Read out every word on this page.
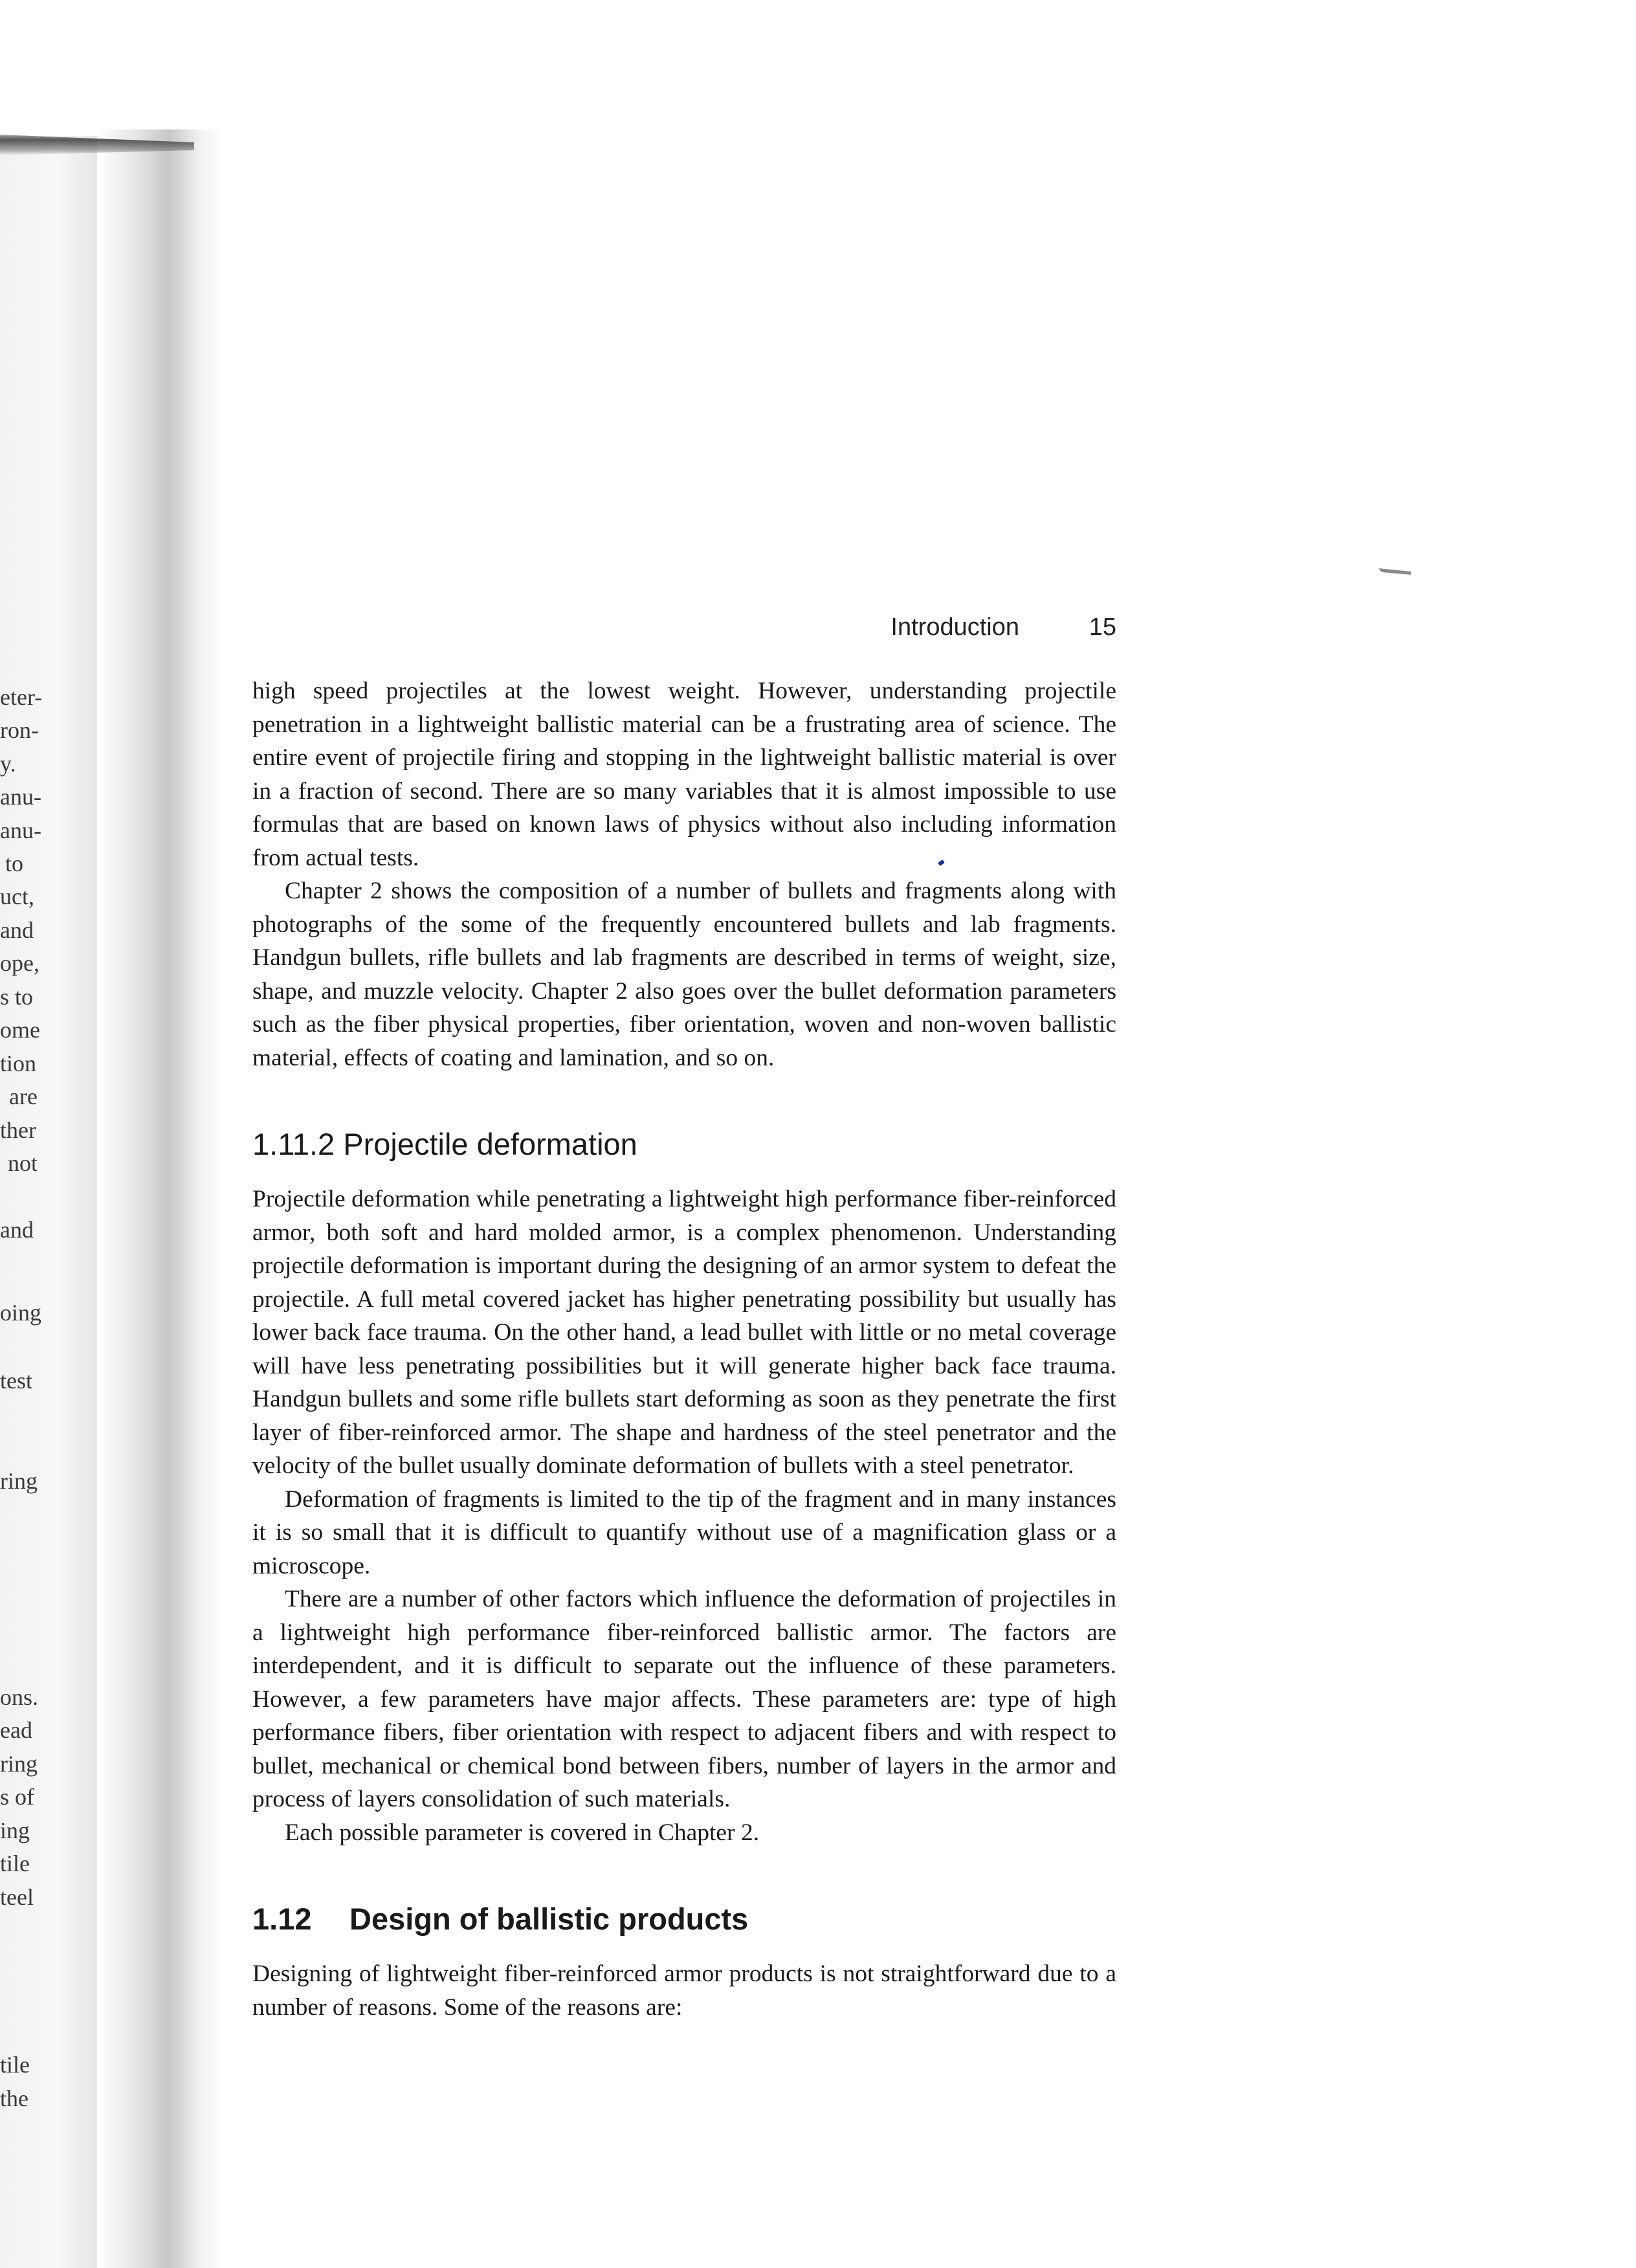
eter-
ron-
y.
anu-
anu-
to
uct,
and
ope,
s to
ome
tion
are
ther
not
and
oing
test
ring
ons.
ead
ring
s of
ing
tile
teel
tile
the
Introduction	15

high speed projectiles at the lowest weight. However, understanding projectile penetration in a lightweight ballistic material can be a frustrating area of science. The entire event of projectile firing and stopping in the lightweight ballistic material is over in a fraction of second. There are so many variables that it is almost impossible to use formulas that are based on known laws of physics without also including information from actual tests.

Chapter 2 shows the composition of a number of bullets and fragments along with photographs of the some of the frequently encountered bullets and lab fragments. Handgun bullets, rifle bullets and lab fragments are described in terms of weight, size, shape, and muzzle velocity. Chapter 2 also goes over the bullet deformation parameters such as the fiber physical properties, fiber orientation, woven and non-woven ballistic material, effects of coating and lamination, and so on.

1.11.2 Projectile deformation

Projectile deformation while penetrating a lightweight high performance fiber-reinforced armor, both soft and hard molded armor, is a complex phenomenon. Understanding projectile deformation is important during the designing of an armor system to defeat the projectile. A full metal covered jacket has higher penetrating possibility but usually has lower back face trauma. On the other hand, a lead bullet with little or no metal coverage will have less penetrating possibilities but it will generate higher back face trauma. Handgun bullets and some rifle bullets start deforming as soon as they penetrate the first layer of fiber-reinforced armor. The shape and hardness of the steel penetrator and the velocity of the bullet usually dominate deformation of bullets with a steel penetrator.

Deformation of fragments is limited to the tip of the fragment and in many instances it is so small that it is difficult to quantify without use of a magnification glass or a microscope.

There are a number of other factors which influence the deformation of projectiles in a lightweight high performance fiber-reinforced ballistic armor. The factors are interdependent, and it is difficult to separate out the influence of these parameters. However, a few parameters have major affects. These parameters are: type of high performance fibers, fiber orientation with respect to adjacent fibers and with respect to bullet, mechanical or chemical bond between fibers, number of layers in the armor and process of layers consolidation of such materials.

Each possible parameter is covered in Chapter 2.

1.12 Design of ballistic products

Designing of lightweight fiber-reinforced armor products is not straightforward due to a number of reasons. Some of the reasons are:
